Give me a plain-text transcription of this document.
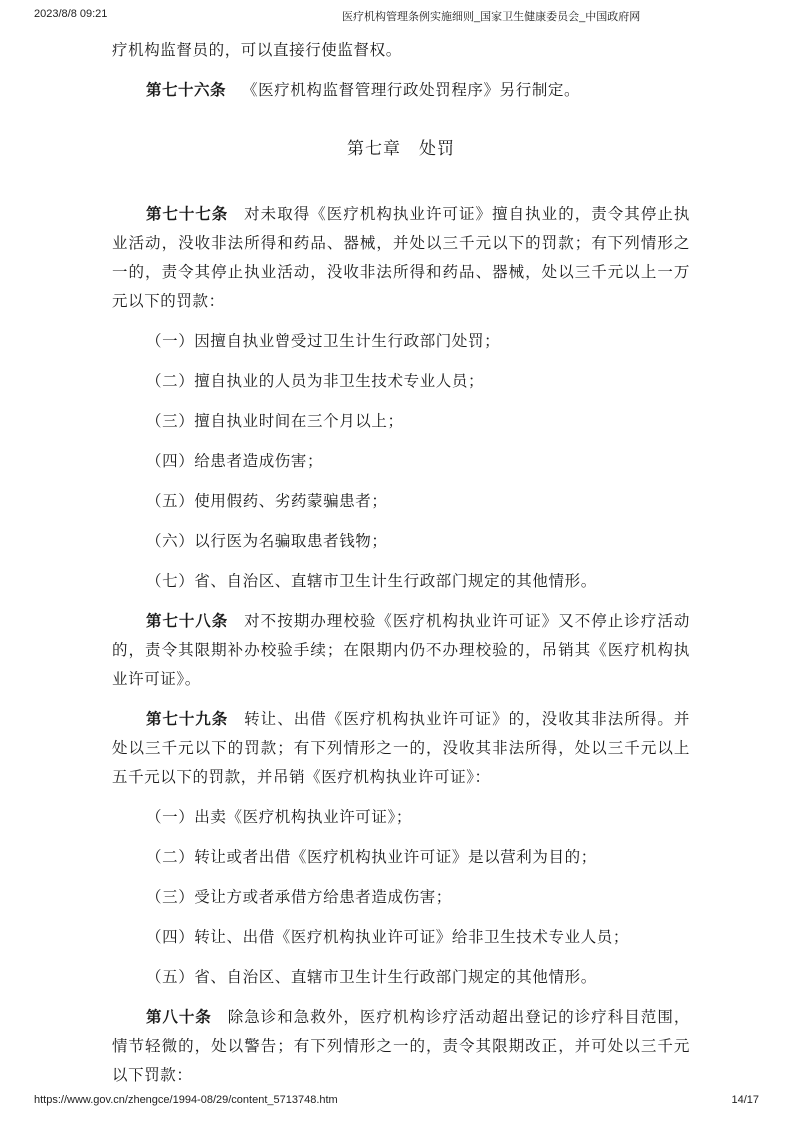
2023/8/8 09:21	医疗机构管理条例实施细则_国家卫生健康委员会_中国政府网

疗机构监督员的，可以直接行使监督权。

第七十六条 《医疗机构监督管理行政处罚程序》另行制定。

第七章 处罚

第七十七条 对未取得《医疗机构执业许可证》擅自执业的，责令其停止执业活动，没收非法所得和药品、器械，并处以三千元以下的罚款；有下列情形之一的，责令其停止执业活动，没收非法所得和药品、器械，处以三千元以上一万元以下的罚款：

（一）因擅自执业曾受过卫生计生行政部门处罚；

（二）擅自执业的人员为非卫生技术专业人员；

（三）擅自执业时间在三个月以上；

（四）给患者造成伤害；

（五）使用假药、劣药蒙骗患者；

（六）以行医为名骗取患者钱物；

（七）省、自治区、直辖市卫生计生行政部门规定的其他情形。

第七十八条 对不按期办理校验《医疗机构执业许可证》又不停止诊疗活动的，责令其限期补办校验手续；在限期内仍不办理校验的，吊销其《医疗机构执业许可证》。

第七十九条 转让、出借《医疗机构执业许可证》的，没收其非法所得。并处以三千元以下的罚款；有下列情形之一的，没收其非法所得，处以三千元以上五千元以下的罚款，并吊销《医疗机构执业许可证》：

（一）出卖《医疗机构执业许可证》；

（二）转让或者出借《医疗机构执业许可证》是以营利为目的；

（三）受让方或者承借方给患者造成伤害；

（四）转让、出借《医疗机构执业许可证》给非卫生技术专业人员；

（五）省、自治区、直辖市卫生计生行政部门规定的其他情形。

第八十条 除急诊和急救外，医疗机构诊疗活动超出登记的诊疗科目范围，情节轻微的，处以警告；有下列情形之一的，责令其限期改正，并可处以三千元以下罚款：

https://www.gov.cn/zhengce/1994-08/29/content_5713748.htm	14/17
